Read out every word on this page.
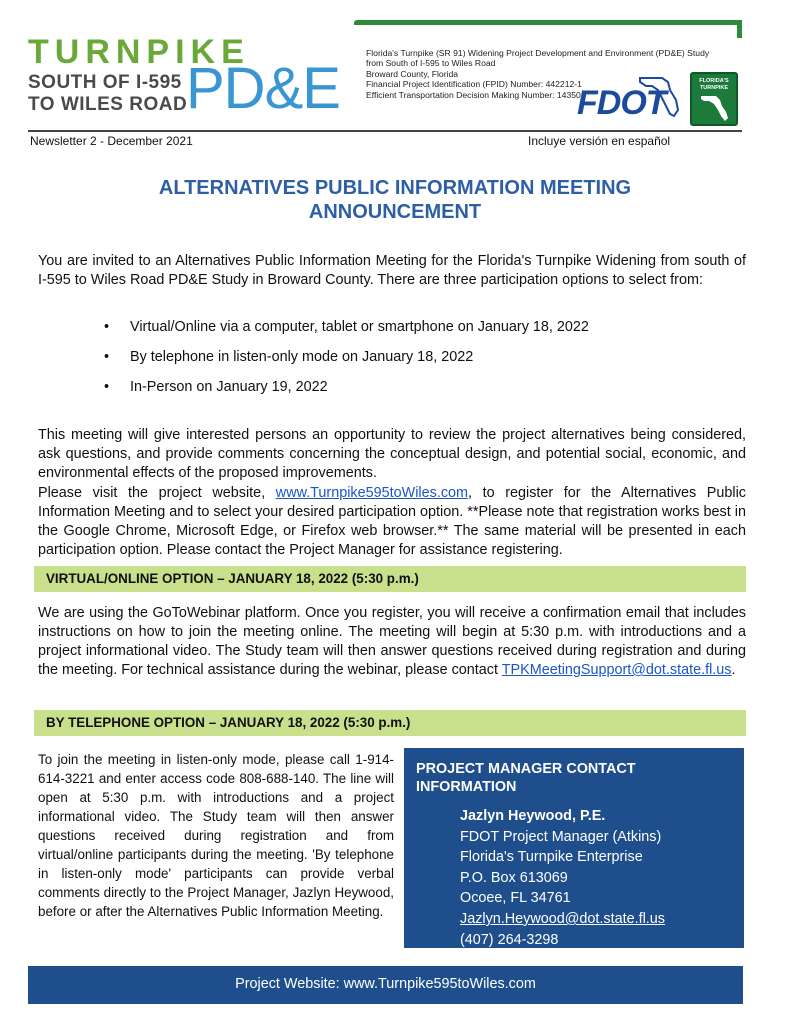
TURNPIKE
SOUTH OF I-595
TO WILES ROAD
PD&E
Florida's Turnpike (SR 91) Widening Project Development and Environment (PD&E) Study
from South of I-595 to Wiles Road
Broward County, Florida
Financial Project Identification (FPID) Number: 442212-1
Efficient Transportation Decision Making Number: 14350
FDOT
FLORIDA'S TURNPIKE
Newsletter 2 - December 2021	Incluye versión en español
ALTERNATIVES PUBLIC INFORMATION MEETING
ANNOUNCEMENT
You are invited to an Alternatives Public Information Meeting for the Florida's Turnpike Widening from south of I-595 to Wiles Road PD&E Study in Broward County. There are three participation options to select from:
• Virtual/Online via a computer, tablet or smartphone on January 18, 2022
• By telephone in listen-only mode on January 18, 2022
• In-Person on January 19, 2022
This meeting will give interested persons an opportunity to review the project alternatives being considered, ask questions, and provide comments concerning the conceptual design, and potential social, economic, and environmental effects of the proposed improvements.
Please visit the project website, www.Turnpike595toWiles.com, to register for the Alternatives Public Information Meeting and to select your desired participation option. **Please note that registration works best in the Google Chrome, Microsoft Edge, or Firefox web browser.** The same material will be presented in each participation option. Please contact the Project Manager for assistance registering.
VIRTUAL/ONLINE OPTION – JANUARY 18, 2022 (5:30 p.m.)
We are using the GoToWebinar platform. Once you register, you will receive a confirmation email that includes instructions on how to join the meeting online. The meeting will begin at 5:30 p.m. with introductions and a project informational video. The Study team will then answer questions received during registration and during the meeting. For technical assistance during the webinar, please contact TPKMeetingSupport@dot.state.fl.us.
BY TELEPHONE OPTION – JANUARY 18, 2022 (5:30 p.m.)
To join the meeting in listen-only mode, please call 1-914-614-3221 and enter access code 808-688-140. The line will open at 5:30 p.m. with introductions and a project informational video. The Study team will then answer questions received during registration and from virtual/online participants during the meeting. 'By telephone in listen-only mode' participants can provide verbal comments directly to the Project Manager, Jazlyn Heywood, before or after the Alternatives Public Information Meeting.
PROJECT MANAGER CONTACT
INFORMATION
Jazlyn Heywood, P.E.
FDOT Project Manager (Atkins)
Florida's Turnpike Enterprise
P.O. Box 613069
Ocoee, FL 34761
Jazlyn.Heywood@dot.state.fl.us
(407) 264-3298
Project Website: www.Turnpike595toWiles.com
